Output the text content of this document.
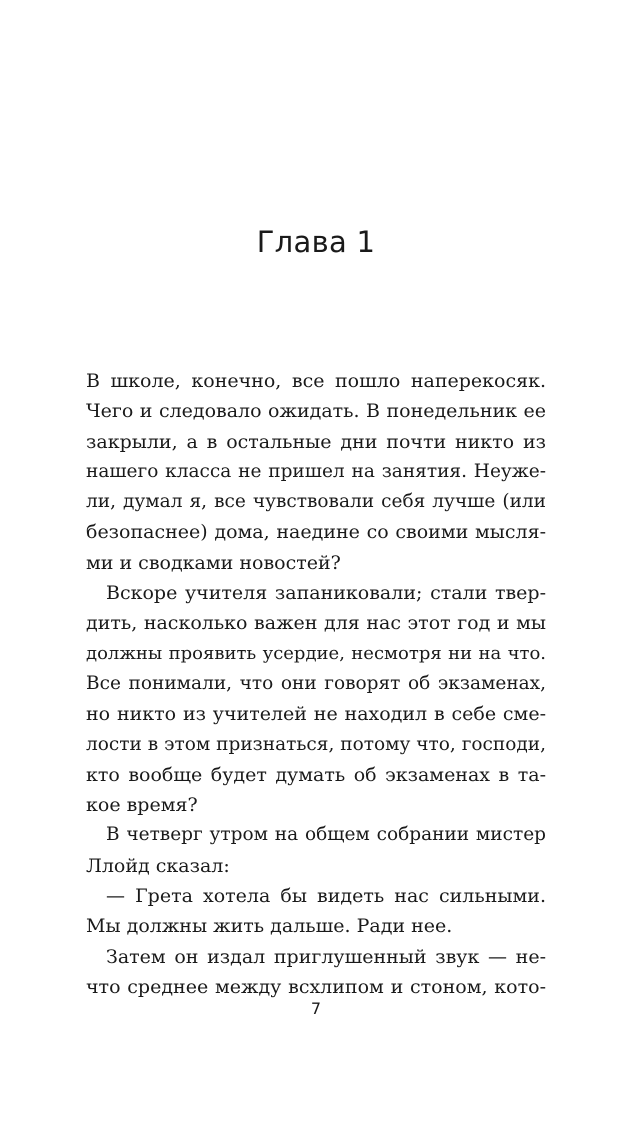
Глава 1
В школе, конечно, все пошло наперекосяк.
Чего и следовало ожидать. В понедельник ее
закрыли, а в остальные дни почти никто из
нашего класса не пришел на занятия. Неужe-
ли, думал я, все чувствовали себя лучше (или
безопаснее) дома, наедине со своими мысля-
ми и сводками новостей?
Вскоре учителя запаниковали; стали твер-
дить, насколько важен для нас этот год и мы
должны проявить усердие, несмотря ни на что.
Все понимали, что они говорят об экзаменах,
но никто из учителей не находил в себе сме-
лости в этом признаться, потому что, господи,
кто вообще будет думать об экзаменах в та-
кое время?
В четверг утром на общем собрании мистер
Ллойд сказал:
— Грета хотела бы видеть нас сильными.
Мы должны жить дальше. Ради нее.
Затем он издал приглушенный звук — не-
что среднее между всхлипом и стоном, кото-
7
